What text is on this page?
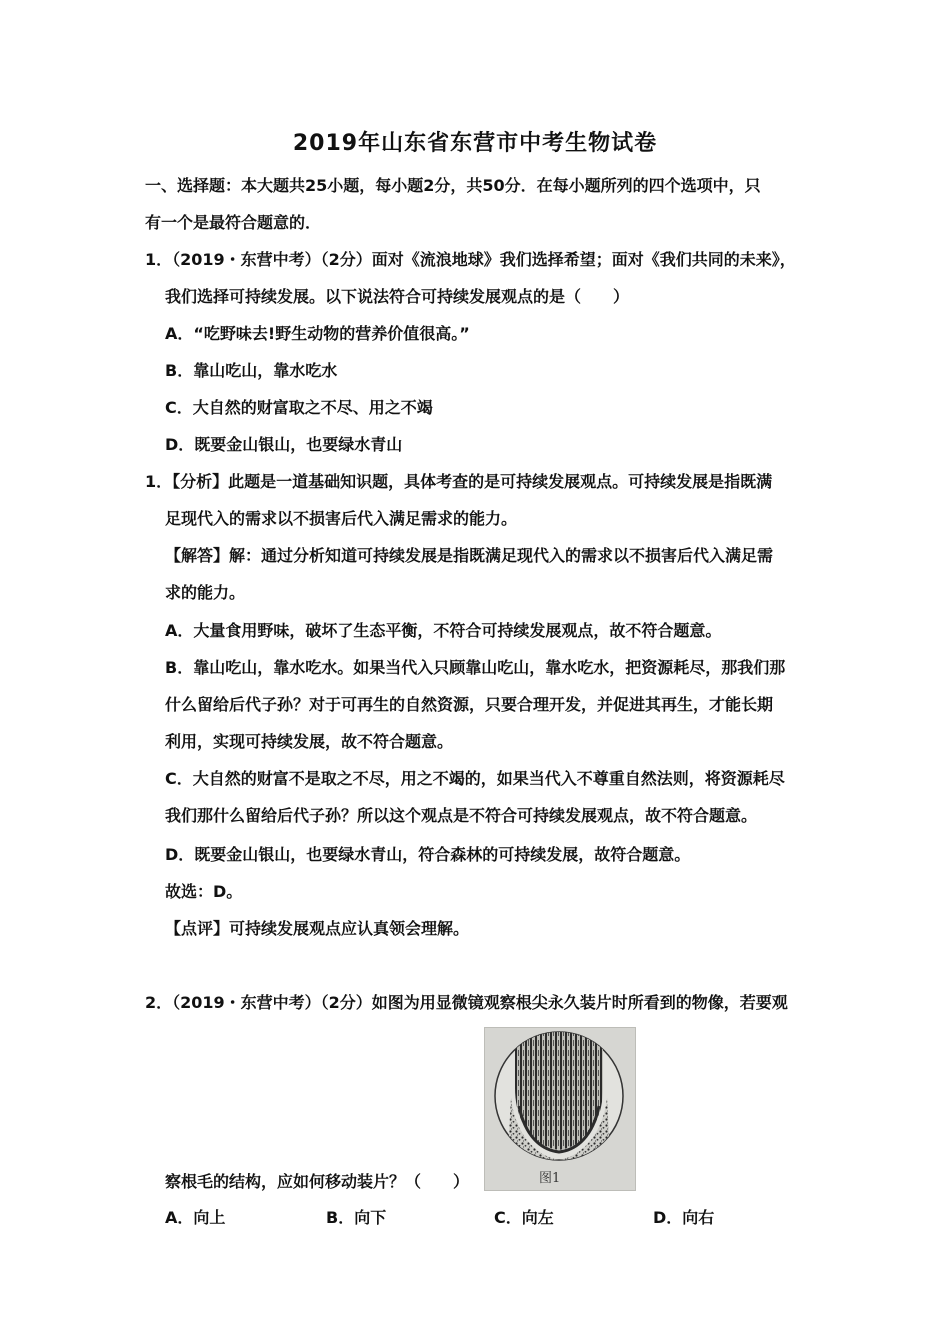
2019年山东省东营市中考生物试卷
一、选择题：本大题共25小题，每小题2分，共50分．在每小题所列的四个选项中，只
有一个是最符合题意的．
1．（2019・东营中考）（2分）面对《流浪地球》我们选择希望；面对《我们共同的未来》，
我们选择可持续发展。以下说法符合可持续发展观点的是（　　）
A．“吃野味去!野生动物的营养价值很高。”
B．靠山吃山，靠水吃水
C．大自然的财富取之不尽、用之不竭
D．既要金山银山，也要绿水青山
1．【分析】此题是一道基础知识题，具体考查的是可持续发展观点。可持续发展是指既满
足现代入的需求以不损害后代入满足需求的能力。
【解答】解：通过分析知道可持续发展是指既满足现代入的需求以不损害后代入满足需
求的能力。
A．大量食用野味，破坏了生态平衡，不符合可持续发展观点，故不符合题意。
B．靠山吃山，靠水吃水。如果当代入只顾靠山吃山，靠水吃水，把资源耗尽，那我们那
什么留给后代子孙？对于可再生的自然资源，只要合理开发，并促进其再生，才能长期
利用，实现可持续发展，故不符合题意。
C．大自然的财富不是取之不尽，用之不竭的，如果当代入不尊重自然法则，将资源耗尽
我们那什么留给后代子孙？所以这个观点是不符合可持续发展观点，故不符合题意。
D．既要金山银山，也要绿水青山，符合森林的可持续发展，故符合题意。
故选：D。
【点评】可持续发展观点应认真领会理解。
2．（2019・东营中考）（2分）如图为用显微镜观察根尖永久装片时所看到的物像，若要观
图1
察根毛的结构，应如何移动装片？（　　）
A．向上	B．向下	C．向左	D．向右
